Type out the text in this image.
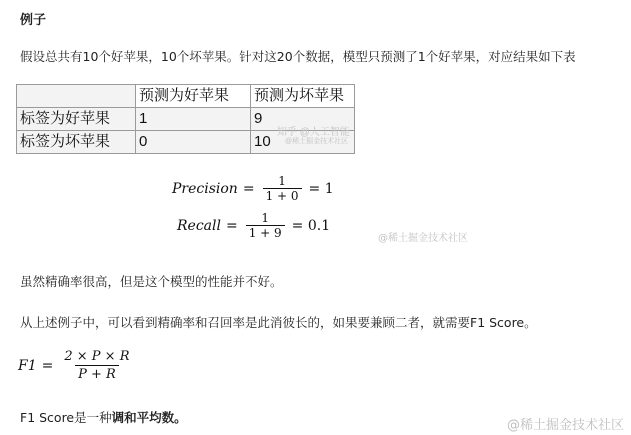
例子
假设总共有10个好苹果，10个坏苹果。针对这20个数据，模型只预测了1个好苹果，对应结果如下表
	预测为好苹果	预测为坏苹果
标签为好苹果	1	9
标签为坏苹果	0	10
知乎 @人工智能
@稀土掘金技术社区
Precision = $\frac{1}{1 + 0} = 1$
Recall = $\frac{1}{1 + 9} = 0.1$
@稀土掘金技术社区
虽然精确率很高，但是这个模型的性能并不好。
从上述例子中，可以看到精确率和召回率是此消彼长的，如果要兼顾二者，就需要F1 Score。
$F1 = \frac{2 \times P \times R}{P + R}$
F1 Score是一种调和平均数。
@稀土掘金技术社区
